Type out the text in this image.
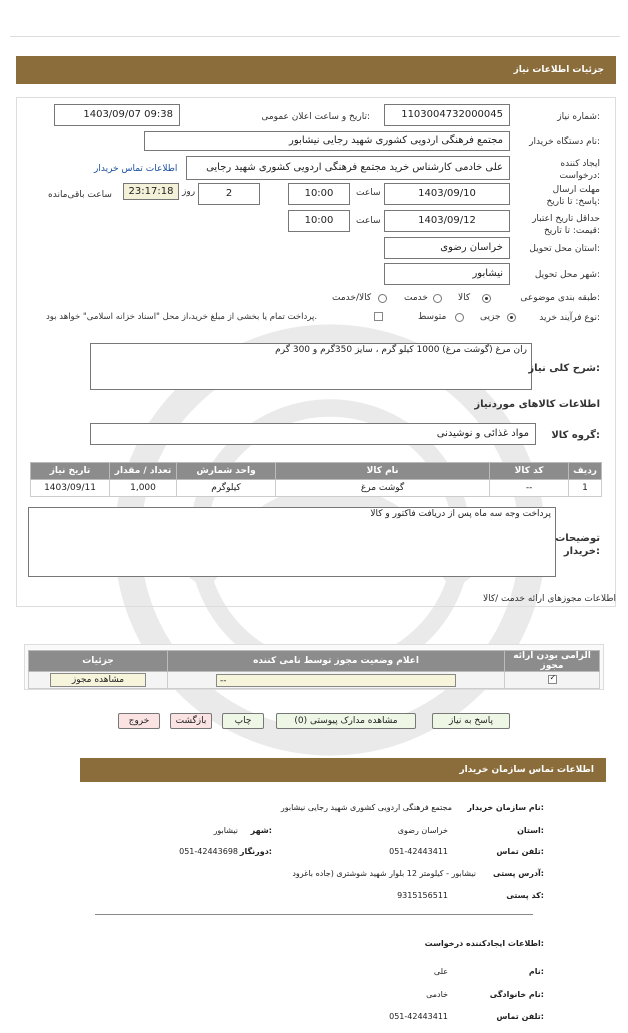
جزئیات اطلاعات نیاز
شماره نیاز:
1103004732000045
تاریخ و ساعت اعلان عمومی:
1403/09/07 09:38
نام دستگاه خریدار:
مجتمع فرهنگی اردویی کشوری شهید رجایی نیشابور
ایجاد کننده درخواست:
علی خادمی کارشناس خرید مجتمع فرهنگی اردویی کشوری شهید رجایی
اطلاعات تماس خریدار
مهلت ارسال پاسخ: تا تاریخ:
1403/09/10
ساعت
10:00
2
روز
23:17:18
ساعت باقی‌مانده
حداقل تاریخ اعتبار قیمت: تا تاریخ:
1403/09/12
ساعت
10:00
استان محل تحویل:
خراسان رضوی
شهر محل تحویل:
نیشابور
طبقه بندی موضوعی:
کالا
خدمت
کالا/خدمت
نوع فرآیند خرید:
جزیی
متوسط
پرداخت تمام یا بخشی از مبلغ خرید،از محل "اسناد خزانه اسلامی" خواهد بود.
ران مرغ (گوشت مرغ) 1000 کیلو گرم ، سایز 350گرم و 300 گرم
شرح کلی نیاز:
اطلاعات کالاهای موردنیاز
مواد غذائی و نوشیدنی	گروه کالا:
ردیف	کد کالا	نام کالا	واحد شمارش	تعداد / مقدار	تاریخ نیاز
1	--	گوشت مرغ	کیلوگرم	1,000	1403/09/11
پرداخت وجه سه ماه پس از دریافت فاکتور و کالا
توضیحات خریدار:
اطلاعات مجوزهای ارائه خدمت /کالا
الزامی بودن ارائه مجوز	اعلام وضعیت مجوز توسط نامی کننده	جزئیات

✓	--	مشاهده مجوز
پاسخ به نیاز
مشاهده مدارک پیوستی (0)
چاپ
بازگشت
خروج
اطلاعات تماس سازمان خریدار
نام سازمان خریدار:
مجتمع فرهنگی اردویی کشوری شهید رجایی نیشابور
استان:
خراسان رضوی
شهر:
نیشابور
تلفن تماس:
051-42443411
دورنگار:
051-42443698
آدرس پستی:
نیشابور - کیلومتر 12 بلوار شهید شوشتری (جاده باغرود
کد پستی:
9315156511
اطلاعات ایجادکننده درخواست:
نام:
علی
نام خانوادگی:
خادمی
تلفن تماس:
051-42443411
